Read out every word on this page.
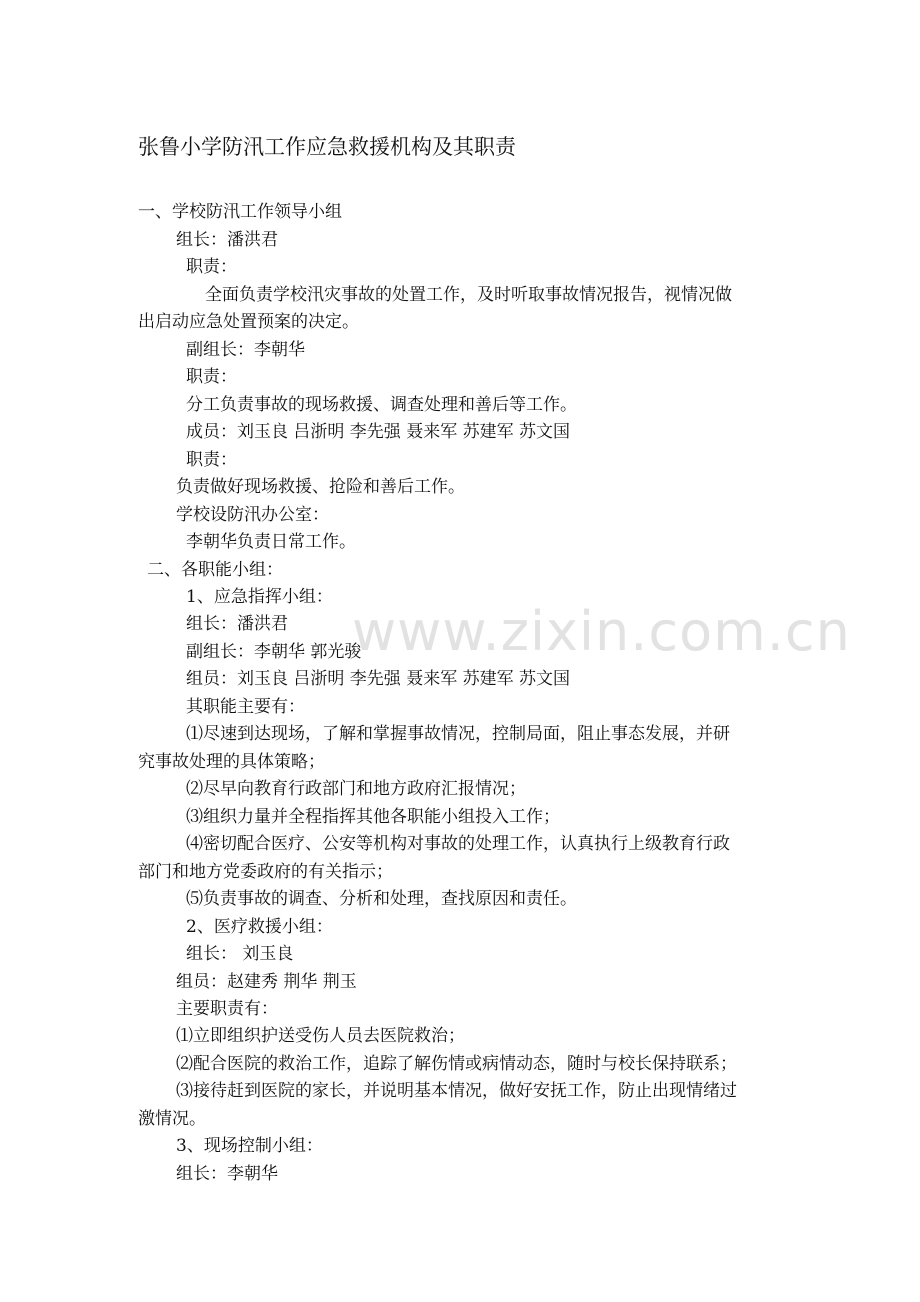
www.zixin.com.cn
张鲁小学防汛工作应急救援机构及其职责
一、学校防汛工作领导小组
组长：潘洪君
职责：
全面负责学校汛灾事故的处置工作，及时听取事故情况报告，视情况做
出启动应急处置预案的决定。
副组长：李朝华
职责：
分工负责事故的现场救援、调查处理和善后等工作。
成员：刘玉良 吕浙明 李先强 聂来军 苏建军 苏文国
职责：
负责做好现场救援、抢险和善后工作。
学校设防汛办公室：
李朝华负责日常工作。
二、各职能小组：
1、应急指挥小组：
组长：潘洪君
副组长：李朝华 郭光骏
组员：刘玉良 吕浙明 李先强 聂来军 苏建军 苏文国
其职能主要有：
⑴尽速到达现场，了解和掌握事故情况，控制局面，阻止事态发展，并研
究事故处理的具体策略；
⑵尽早向教育行政部门和地方政府汇报情况；
⑶组织力量并全程指挥其他各职能小组投入工作；
⑷密切配合医疗、公安等机构对事故的处理工作，认真执行上级教育行政
部门和地方党委政府的有关指示；
⑸负责事故的调查、分析和处理，查找原因和责任。
2、医疗救援小组：
组长： 刘玉良
组员：赵建秀 荆华 荆玉
主要职责有：
⑴立即组织护送受伤人员去医院救治；
⑵配合医院的救治工作，追踪了解伤情或病情动态，随时与校长保持联系；
⑶接待赶到医院的家长，并说明基本情况，做好安抚工作，防止出现情绪过
激情况。
3、现场控制小组：
组长：李朝华
